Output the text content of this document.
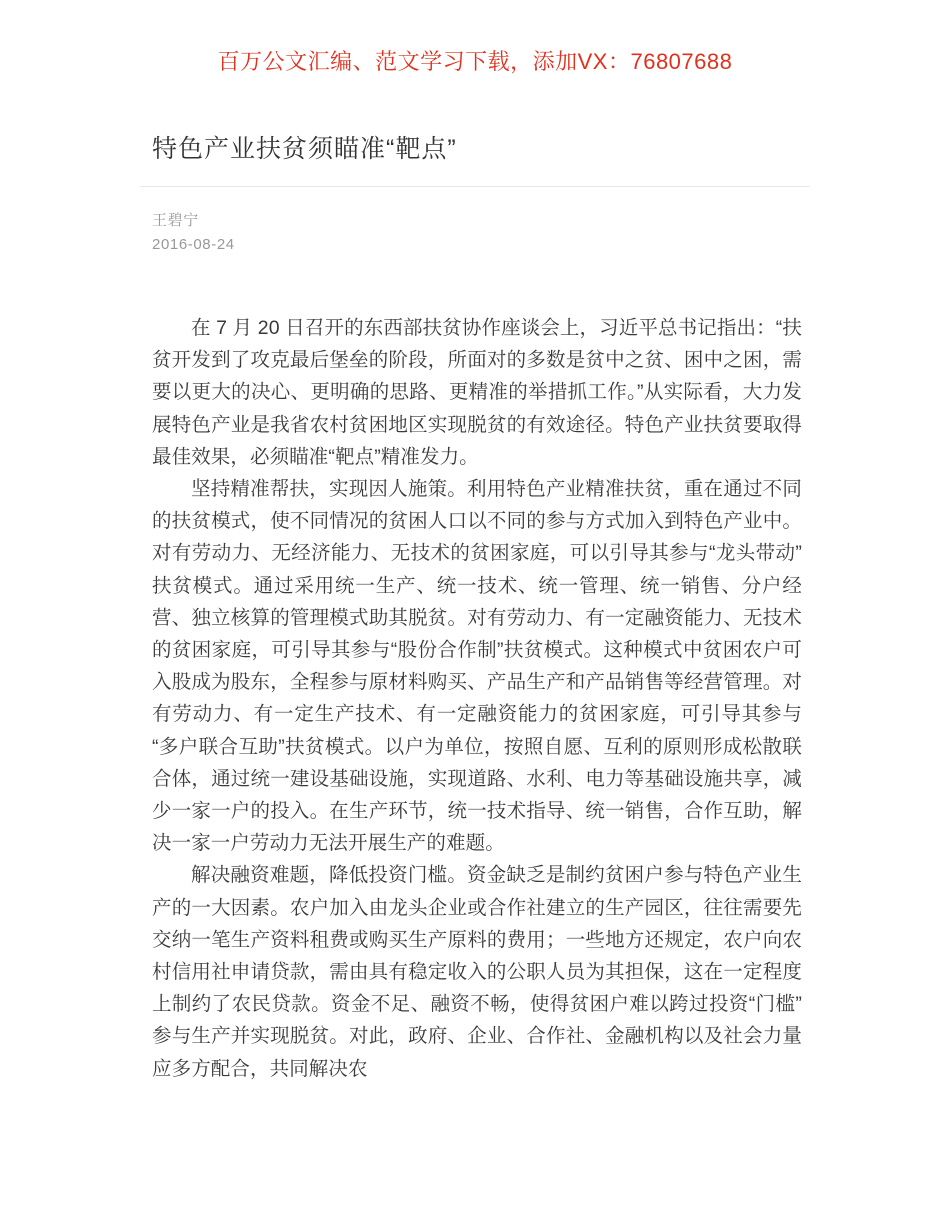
百万公文汇编、范文学习下载，添加VX：76807688
特色产业扶贫须瞄准“靶点”
王碧宁
2016-08-24

在 7 月 20 日召开的东西部扶贫协作座谈会上，习近平总书记指出：“扶贫开发到了攻克最后堡垒的阶段，所面对的多数是贫中之贫、困中之困，需要以更大的决心、更明确的思路、更精准的举措抓工作。”从实际看，大力发展特色产业是我省农村贫困地区实现脱贫的有效途径。特色产业扶贫要取得最佳效果，必须瞄准“靶点”精准发力。

坚持精准帮扶，实现因人施策。利用特色产业精准扶贫，重在通过不同的扶贫模式，使不同情况的贫困人口以不同的参与方式加入到特色产业中。对有劳动力、无经济能力、无技术的贫困家庭，可以引导其参与“龙头带动”扶贫模式。通过采用统一生产、统一技术、统一管理、统一销售、分户经营、独立核算的管理模式助其脱贫。对有劳动力、有一定融资能力、无技术的贫困家庭，可引导其参与“股份合作制”扶贫模式。这种模式中贫困农户可入股成为股东，全程参与原材料购买、产品生产和产品销售等经营管理。对有劳动力、有一定生产技术、有一定融资能力的贫困家庭，可引导其参与“多户联合互助”扶贫模式。以户为单位，按照自愿、互利的原则形成松散联合体，通过统一建设基础设施，实现道路、水利、电力等基础设施共享，减少一家一户的投入。在生产环节，统一技术指导、统一销售，合作互助，解决一家一户劳动力无法开展生产的难题。

解决融资难题，降低投资门槛。资金缺乏是制约贫困户参与特色产业生产的一大因素。农户加入由龙头企业或合作社建立的生产园区，往往需要先交纳一笔生产资料租费或购买生产原料的费用；一些地方还规定，农户向农村信用社申请贷款，需由具有稳定收入的公职人员为其担保，这在一定程度上制约了农民贷款。资金不足、融资不畅，使得贫困户难以跨过投资“门槛”参与生产并实现脱贫。对此，政府、企业、合作社、金融机构以及社会力量应多方配合，共同解决农
